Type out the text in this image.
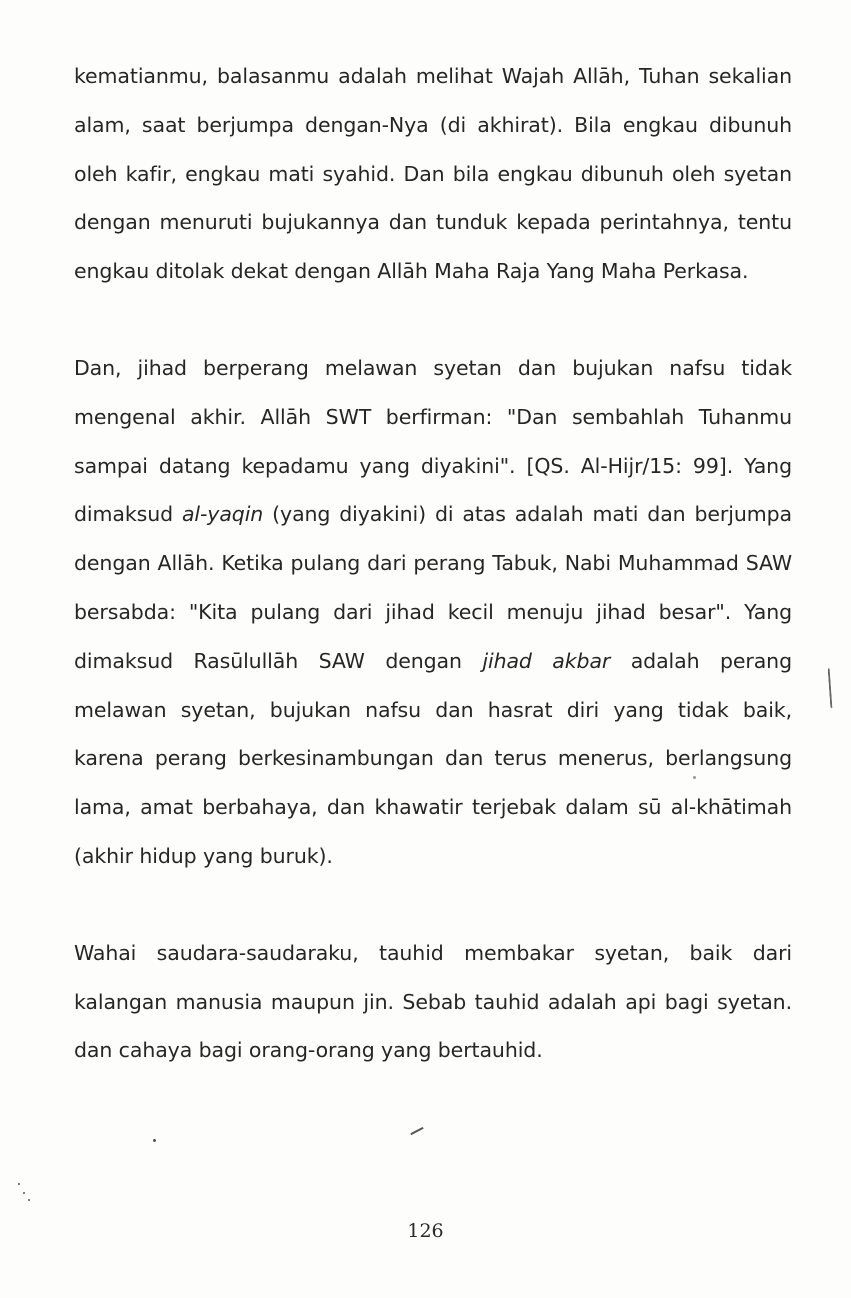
kematianmu, balasanmu adalah melihat Wajah Allāh, Tuhan sekalian alam, saat berjumpa dengan-Nya (di akhirat). Bila engkau dibunuh oleh kafir, engkau mati syahid. Dan bila engkau dibunuh oleh syetan dengan menuruti bujukannya dan tunduk kepada perintahnya, tentu engkau ditolak dekat dengan Allāh Maha Raja Yang Maha Perkasa.

Dan, jihad berperang melawan syetan dan bujukan nafsu tidak mengenal akhir. Allāh SWT berfirman: "Dan sembahlah Tuhanmu sampai datang kepadamu yang diyakini". [QS. Al-Hijr/15: 99]. Yang dimaksud al-yaqin (yang diyakini) di atas adalah mati dan berjumpa dengan Allāh. Ketika pulang dari perang Tabuk, Nabi Muhammad SAW bersabda: "Kita pulang dari jihad kecil menuju jihad besar". Yang dimaksud Rasūlullāh SAW dengan jihad akbar adalah perang melawan syetan, bujukan nafsu dan hasrat diri yang tidak baik, karena perang berkesinambungan dan terus menerus, berlangsung lama, amat berbahaya, dan khawatir terjebak dalam sū al-khātimah (akhir hidup yang buruk).

Wahai saudara-saudaraku, tauhid membakar syetan, baik dari kalangan manusia maupun jin. Sebab tauhid adalah api bagi syetan. dan cahaya bagi orang-orang yang bertauhid.

126
